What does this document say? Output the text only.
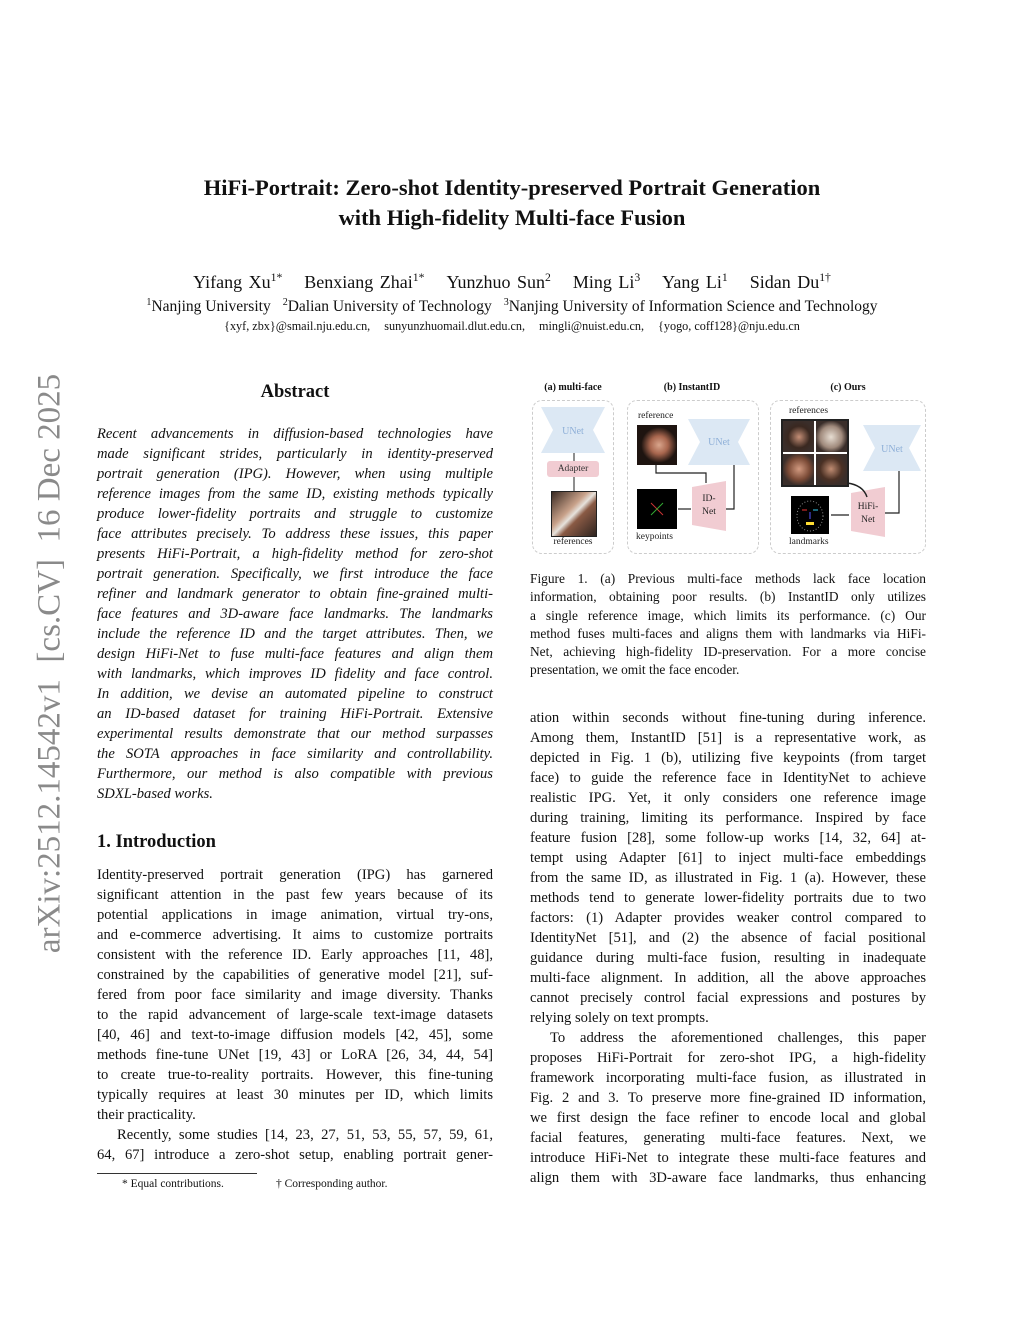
arXiv:2512.14542v1  [cs.CV]  16 Dec 2025
HiFi-Portrait: Zero-shot Identity-preserved Portrait Generation
with High-fidelity Multi-face Fusion
Yifang $Xu^{1*}$ Benxiang Zhai$^{1*}$ Yunzhuo Sun$^2$ Ming Li$^3$ Yang Li$^1$ Sidan $Du^{1\dagger}$
$^1$Nanjing University $^2$Dalian University of Technology $^3$Nanjing University of Information Science and Technology
{xyf, zbx}@smail.nju.edu.cn, sunyunzhuomail.dlut.edu.cn, mingli@nuist.edu.cn, {yogo, coff128}@nju.edu.cn
Abstract
Recent advancements in diffusion-based technologies have
made significant strides, particularly in identity-preserved
portrait generation (IPG). However, when using multiple
reference images from the same ID, existing methods typically
produce lower-fidelity portraits and struggle to customize
face attributes precisely. To address these issues, this paper
presents HiFi-Portrait, a high-fidelity method for zero-shot
portrait generation. Specifically, we first introduce the face
refiner and landmark generator to obtain fine-grained multi-
face features and 3D-aware face landmarks. The landmarks
include the reference ID and the target attributes. Then, we
design HiFi-Net to fuse multi-face features and align them
with landmarks, which improves ID fidelity and face control.
In addition, we devise an automated pipeline to construct
an ID-based dataset for training HiFi-Portrait. Extensive
experimental results demonstrate that our method surpasses
the SOTA approaches in face similarity and controllability.
Furthermore, our method is also compatible with previous
SDXL-based works.
1. Introduction
Identity-preserved portrait generation (IPG) has garnered
significant attention in the past few years because of its
potential applications in image animation, virtual try-ons,
and e-commerce advertising. It aims to customize portraits
consistent with the reference ID. Early approaches [11, 48],
constrained by the capabilities of generative model [21], suf-
fered from poor face similarity and image diversity. Thanks
to the rapid advancement of large-scale text-image datasets
[40, 46] and text-to-image diffusion models [42, 45], some
methods fine-tune UNet [19, 43] or LoRA [26, 34, 44, 54]
to create true-to-reality portraits. However, this fine-tuning
typically requires at least 30 minutes per ID, which limits
their practicality.
Recently, some studies [14, 23, 27, 51, 53, 55, 57, 59, 61,
64, 67] introduce a zero-shot setup, enabling portrait gener-
* Equal contributions.	† Corresponding author.
(a) multi-face	(b) InstantID	(c) Ours
UNet
Adapter
references
reference
UNet
ID-
Net
keypoints
references
UNet
HiFi-
Net
landmarks
Figure 1. (a) Previous multi-face methods lack face location
information, obtaining poor results. (b) InstantID only utilizes
a single reference image, which limits its performance. (c) Our
method fuses multi-faces and aligns them with landmarks via HiFi-
Net, achieving high-fidelity ID-preservation. For a more concise
presentation, we omit the face encoder.
ation within seconds without fine-tuning during inference.
Among them, InstantID [51] is a representative work, as
depicted in Fig. 1 (b), utilizing five keypoints (from target
face) to guide the reference face in IdentityNet to achieve
realistic IPG. Yet, it only considers one reference image
during training, limiting its performance. Inspired by face
feature fusion [28], some follow-up works [14, 32, 64] at-
tempt using Adapter [61] to inject multi-face embeddings
from the same ID, as illustrated in Fig. 1 (a). However, these
methods tend to generate lower-fidelity portraits due to two
factors: (1) Adapter provides weaker control compared to
IdentityNet [51], and (2) the absence of facial positional
guidance during multi-face fusion, resulting in inadequate
multi-face alignment. In addition, all the above approaches
cannot precisely control facial expressions and postures by
relying solely on text prompts.
To address the aforementioned challenges, this paper
proposes HiFi-Portrait for zero-shot IPG, a high-fidelity
framework incorporating multi-face fusion, as illustrated in
Fig. 2 and 3. To preserve more fine-grained ID information,
we first design the face refiner to encode local and global
facial features, generating multi-face features. Next, we
introduce HiFi-Net to integrate these multi-face features and
align them with 3D-aware face landmarks, thus enhancing
